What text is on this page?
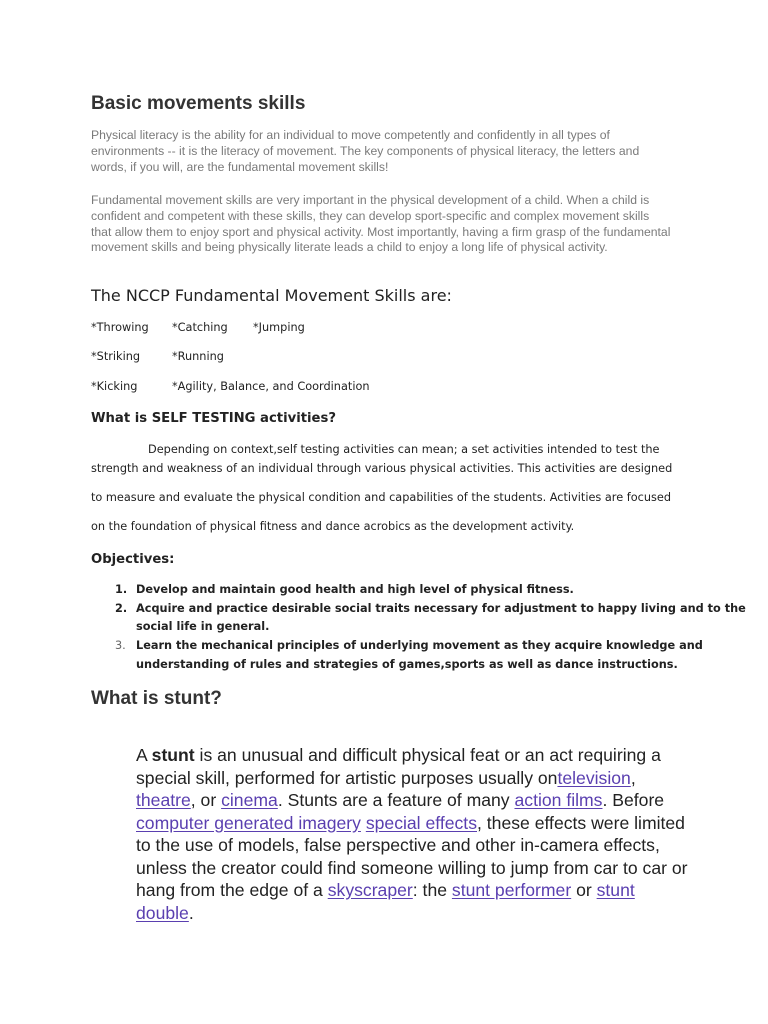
Basic movements skills
Physical literacy is the ability for an individual to move competently and confidently in all types of environments -- it is the literacy of movement. The key components of physical literacy, the letters and words, if you will, are the fundamental movement skills!
Fundamental movement skills are very important in the physical development of a child. When a child is confident and competent with these skills, they can develop sport-specific and complex movement skills that allow them to enjoy sport and physical activity. Most importantly, having a firm grasp of the fundamental movement skills and being physically literate leads a child to enjoy a long life of physical activity.
The NCCP Fundamental Movement Skills are:
*Throwing *Catching *Jumping
*Striking	*Running
*Kicking	*Agility, Balance, and Coordination
What is SELF TESTING activities?
Depending on context,self testing activities can mean; a set activities intended to test the
strength and weakness of an individual through various physical activities. This activities are designed
to measure and evaluate the physical condition and capabilities of the students. Activities are focused
on the foundation of physical fitness and dance acrobics as the development activity.
Objectives:
1. Develop and maintain good health and high level of physical fitness.
2. Acquire and practice desirable social traits necessary for adjustment to happy living and to the
social life in general.
3. Learn the mechanical principles of underlying movement as they acquire knowledge and
understanding of rules and strategies of games,sports as well as dance instructions.
What is stunt?
A stunt is an unusual and difficult physical feat or an act requiring a special skill, performed for artistic purposes usually ontelevision, theatre, or cinema. Stunts are a feature of many action films. Before computer generated imagery special effects, these effects were limited to the use of models, false perspective and other in-camera effects, unless the creator could find someone willing to jump from car to car or hang from the edge of a skyscraper: the stunt performer or stunt double.
